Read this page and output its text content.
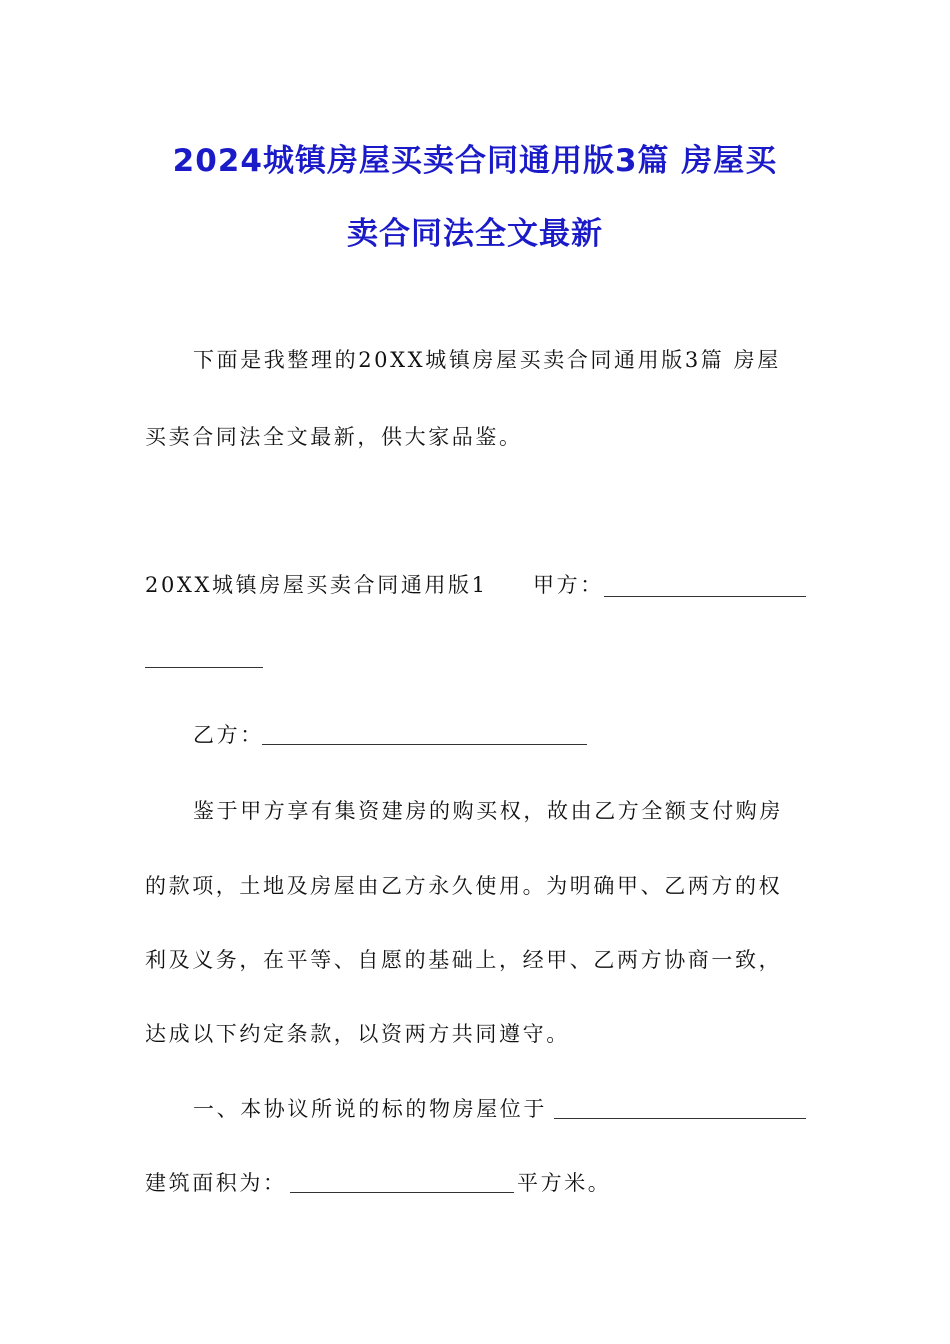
2024城镇房屋买卖合同通用版3篇 房屋买
卖合同法全文最新
下面是我整理的20XX城镇房屋买卖合同通用版3篇 房屋
买卖合同法全文最新，供大家品鉴。
20XX城镇房屋买卖合同通用版1 甲方：
乙方：
鉴于甲方享有集资建房的购买权，故由乙方全额支付购房
的款项，土地及房屋由乙方永久使用。为明确甲、乙两方的权
利及义务，在平等、自愿的基础上，经甲、乙两方协商一致，
达成以下约定条款，以资两方共同遵守。
一、本协议所说的标的物房屋位于
建筑面积为：	平方米。
